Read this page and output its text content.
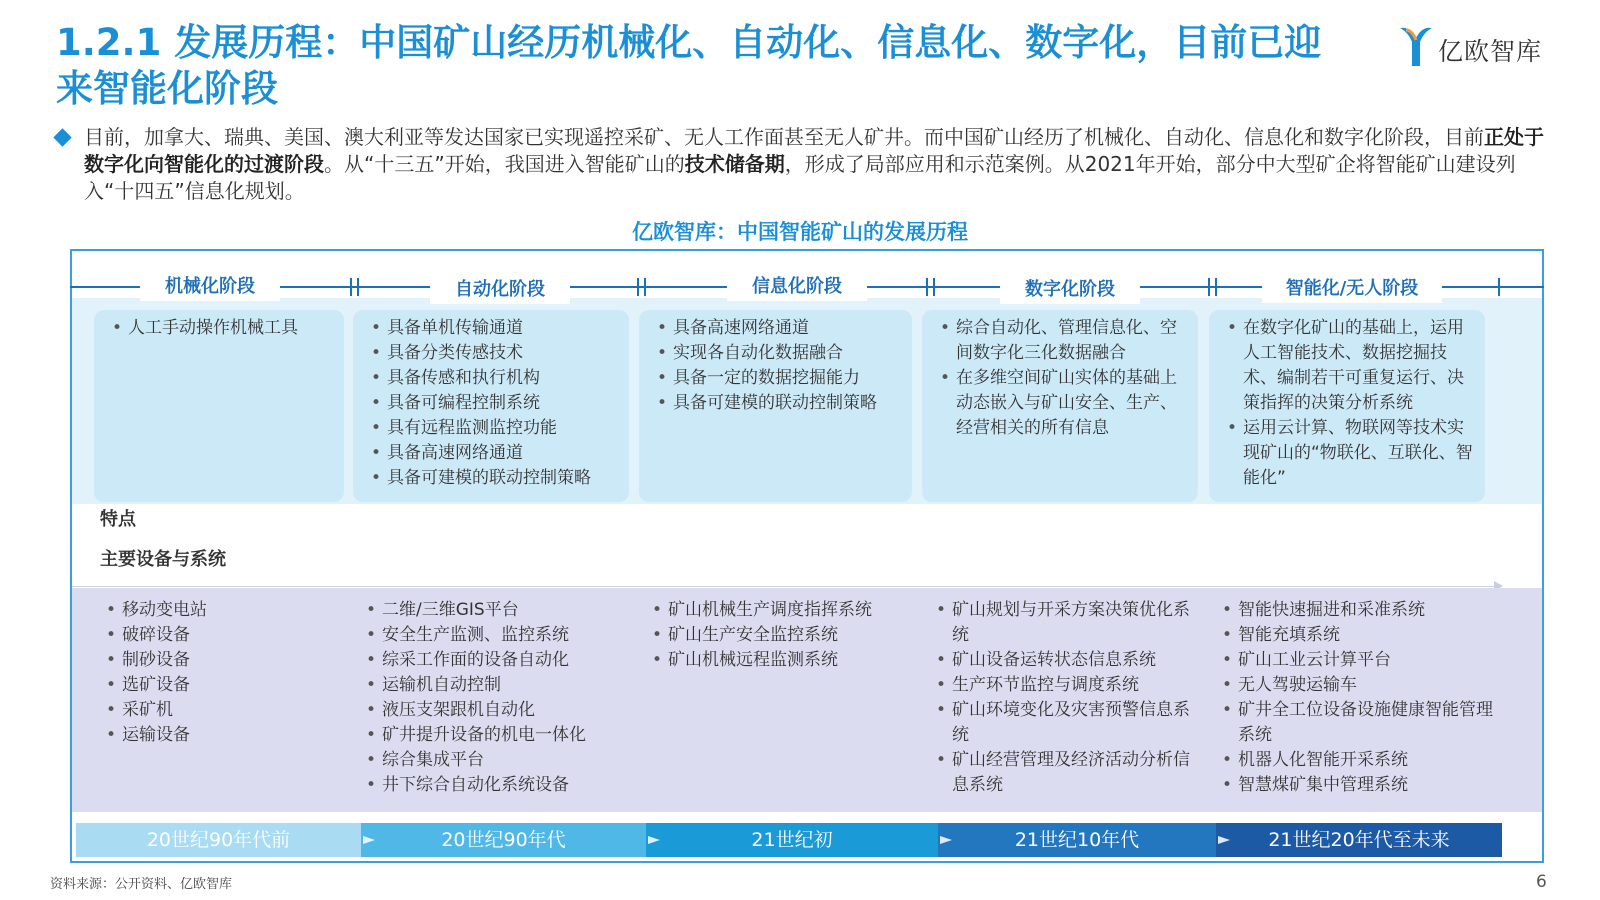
1.2.1 发展历程：中国矿山经历机械化、自动化、信息化、数字化，目前已迎来智能化阶段
亿欧智库

目前，加拿大、瑞典、美国、澳大利亚等发达国家已实现遥控采矿、无人工作面甚至无人矿井。而中国矿山经历了机械化、自动化、信息化和数字化阶段，目前正处于数字化向智能化的过渡阶段。从“十三五”开始，我国进入智能矿山的技术储备期，形成了局部应用和示范案例。从2021年开始，部分中大型矿企将智能矿山建设列入“十四五”信息化规划。

亿欧智库：中国智能矿山的发展历程
机械化阶段	自动化阶段	信息化阶段	数字化阶段	智能化/无人阶段
• 人工手动操作机械工具
•	具备单机传输通道
• 具备分类传感技术
• 具备传感和执行机构
• 具备可编程控制系统
• 具有远程监测监控功能
• 具备高速网络通道
• 具备可建模的联动控制策略
• 具备高速网络通道
• 实现各自动化数据融合
• 具备一定的数据挖掘能力
• 具备可建模的联动控制策略
• 综合自动化、管理信息化、空间数字化三化数据融合
• 在多维空间矿山实体的基础上动态嵌入与矿山安全、生产、经营相关的所有信息
• 在数字化矿山的基础上，运用人工智能技术、数据挖掘技术、编制若干可重复运行、决策指挥的决策分析系统
• 运用云计算、物联网等技术实现矿山的“物联化、互联化、智能化”
特点
主要设备与系统
• 移动变电站
• 破碎设备
• 制砂设备
• 选矿设备
• 采矿机
• 运输设备
• 二维/三维GIS平台
• 安全生产监测、监控系统
• 综采工作面的设备自动化
• 运输机自动控制
• 液压支架跟机自动化
• 矿井提升设备的机电一体化
• 综合集成平台
• 井下综合自动化系统设备
• 矿山机械生产调度指挥系统
• 矿山生产安全监控系统
• 矿山机械远程监测系统
• 矿山规划与开采方案决策优化系统
• 矿山设备运转状态信息系统
• 生产环节监控与调度系统
• 矿山环境变化及灾害预警信息系统
• 矿山经营管理及经济活动分析信息系统
• 智能快速掘进和采准系统
• 智能充填系统
• 矿山工业云计算平台
• 无人驾驶运输车
• 矿井全工位设备设施健康智能管理系统
• 机器人化智能开采系统
• 智慧煤矿集中管理系统
20世纪90年代前	20世纪90年代	21世纪初	21世纪10年代	21世纪20年代至未来
资料来源：公开资料、亿欧智库	6
